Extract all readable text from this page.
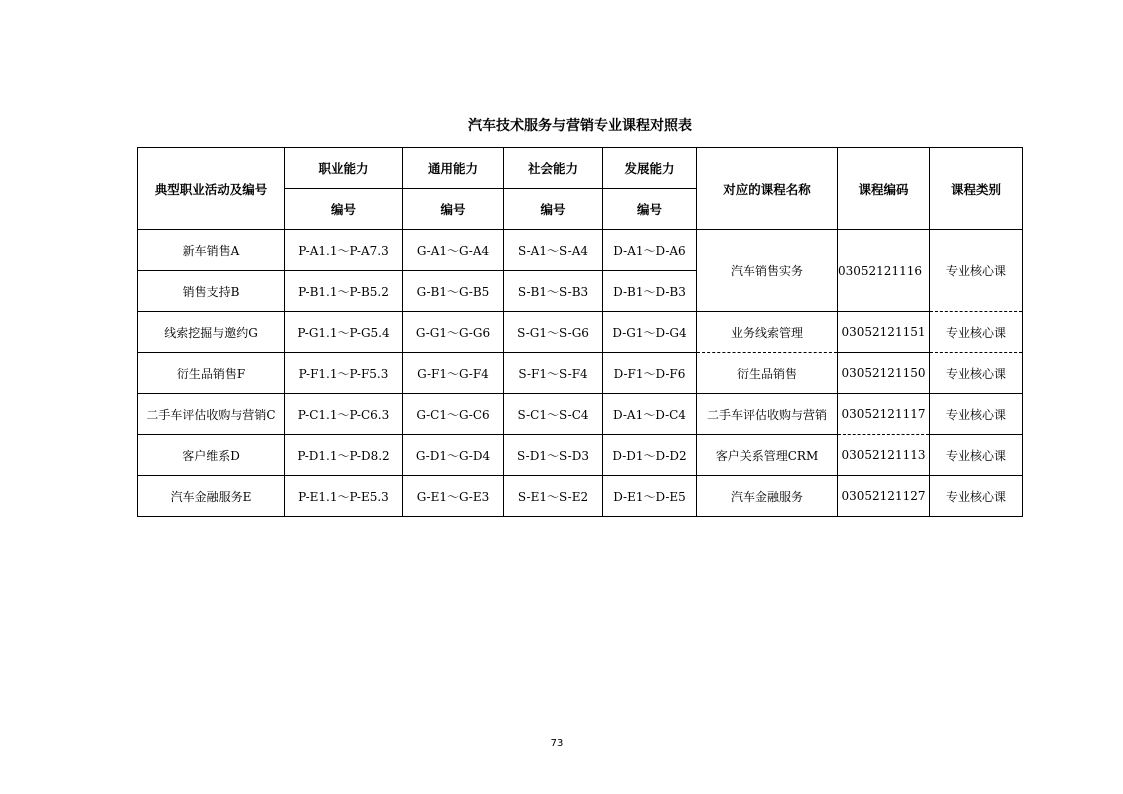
汽车技术服务与营销专业课程对照表
典型职业活动及编号	职业能力	通用能力	社会能力	发展能力	对应的课程名称	课程编码	课程类别
	编号	编号	编号	编号			
新车销售A	P-A1.1～P-A7.3	G-A1～G-A4	S-A1～S-A4	D-A1～D-A6	汽车销售实务	03052121116	专业核心课
销售支持B	P-B1.1～P-B5.2	G-B1～G-B5	S-B1～S-B3	D-B1～D-B3			
线索挖掘与邀约G	P-G1.1～P-G5.4	G-G1～G-G6	S-G1～S-G6	D-G1～D-G4	业务线索管理	03052121151	专业核心课
衍生品销售F	P-F1.1～P-F5.3	G-F1～G-F4	S-F1～S-F4	D-F1～D-F6	衍生品销售	03052121150	专业核心课
二手车评估收购与营销C	P-C1.1～P-C6.3	G-C1～G-C6	S-C1～S-C4	D-A1～D-C4	二手车评估收购与营销	03052121117	专业核心课
客户维系D	P-D1.1～P-D8.2	G-D1～G-D4	S-D1～S-D3	D-D1～D-D2	客户关系管理CRM	03052121113	专业核心课
汽车金融服务E	P-E1.1～P-E5.3	G-E1～G-E3	S-E1～S-E2	D-E1～D-E5	汽车金融服务	03052121127	专业核心课
73
